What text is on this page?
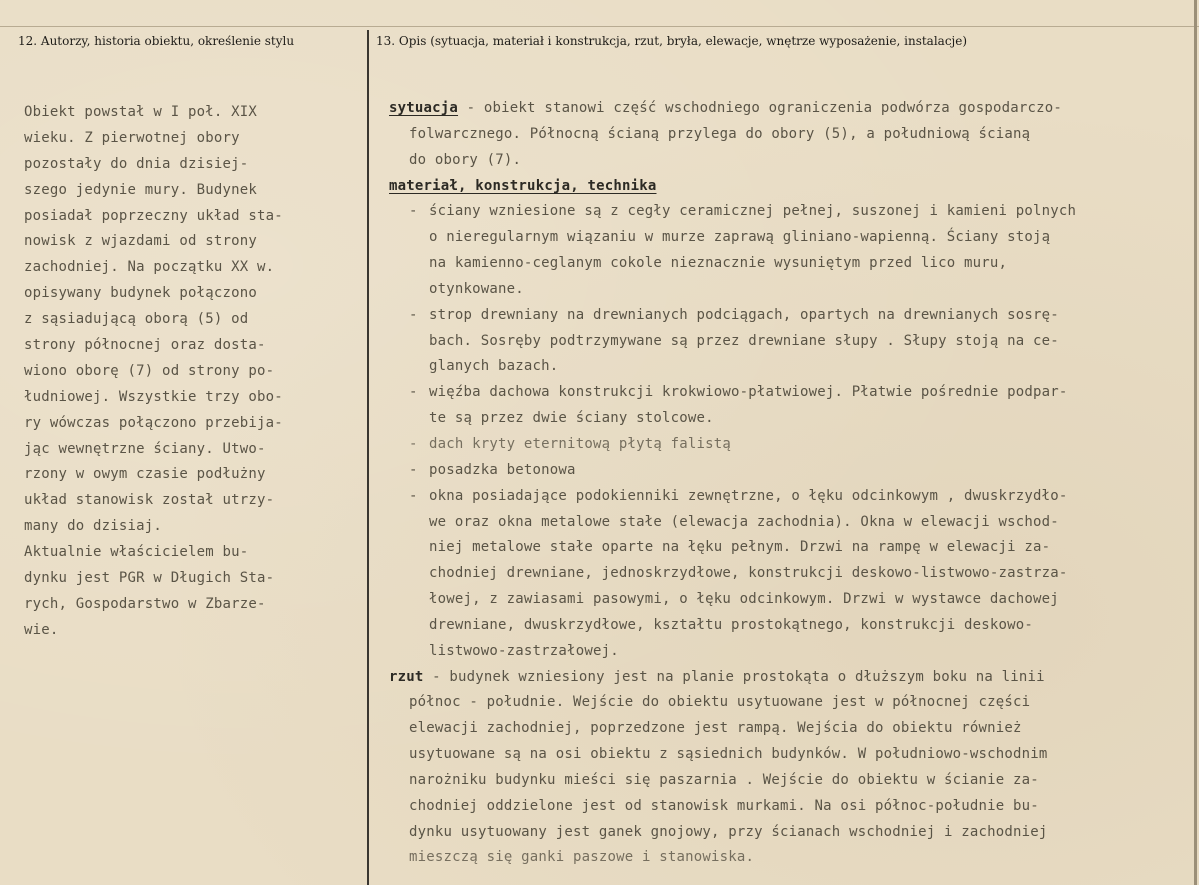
12. Autorzy, historia obiektu, określenie stylu	13. Opis (sytuacja, materiał i konstrukcja, rzut, bryła, elewacje, wnętrze wyposażenie, instalacje)
Obiekt powstał w I poł. XIX
wieku. Z pierwotnej obory
pozostały do dnia dzisiej-
szego jedynie mury. Budynek
posiadał poprzeczny układ sta-
nowisk z wjazdami od strony
zachodniej. Na początku XX w.
opisywany budynek połączono
z sąsiadującą oborą (5) od
strony północnej oraz dosta-
wiono oborę (7) od strony po-
łudniowej. Wszystkie trzy obo-
ry wówczas połączono przebija-
jąc wewnętrzne ściany. Utwo-
rzony w owym czasie podłużny
układ stanowisk został utrzy-
many do dzisiaj.
Aktualnie właścicielem bu-
dynku jest PGR w Długich Sta-
rych, Gospodarstwo w Zbarze-
wie.
sytuacja - obiekt stanowi część wschodniego ograniczenia podwórza gospodarczo-
folwarcznego. Północną ścianą przylega do obory (5), a południową ścianą
do obory (7).
materiał, konstrukcja, technika
- ściany wzniesione są z cegły ceramicznej pełnej, suszonej i kamieni polnych
o nieregularnym wiązaniu w murze zaprawą gliniano-wapienną. Ściany stoją
na kamienno-ceglanym cokole nieznacznie wysuniętym przed lico muru,
otynkowane.
- strop drewniany na drewnianych podciągach, opartych na drewnianych sosrę-
bach. Sosręby podtrzymywane są przez drewniane słupy . Słupy stoją na ce-
glanych bazach.
- więźba dachowa konstrukcji krokwiowo-płatwiowej. Płatwie pośrednie podpar-
te są przez dwie ściany stolcowe.
- dach kryty eternitową płytą falistą
- posadzka betonowa
- okna posiadające podokienniki zewnętrzne, o łęku odcinkowym , dwuskrzydło-
we oraz okna metalowe stałe (elewacja zachodnia). Okna w elewacji wschod-
niej metalowe stałe oparte na łęku pełnym. Drzwi na rampę w elewacji za-
chodniej drewniane, jednoskrzydłowe, konstrukcji deskowo-listwowo-zastrza-
łowej, z zawiasami pasowymi, o łęku odcinkowym. Drzwi w wystawce dachowej
drewniane, dwuskrzydłowe, kształtu prostokątnego, konstrukcji deskowo-
listwowo-zastrzałowej.
rzut - budynek wzniesiony jest na planie prostokąta o dłuższym boku na linii
północ - południe. Wejście do obiektu usytuowane jest w północnej części
elewacji zachodniej, poprzedzone jest rampą. Wejścia do obiektu również
usytuowane są na osi obiektu z sąsiednich budynków. W południowo-wschodnim
narożniku budynku mieści się paszarnia . Wejście do obiektu w ścianie za-
chodniej oddzielone jest od stanowisk murkami. Na osi północ-południe bu-
dynku usytuowany jest ganek gnojowy, przy ścianach wschodniej i zachodniej
mieszczą się ganki paszowe i stanowiska.
